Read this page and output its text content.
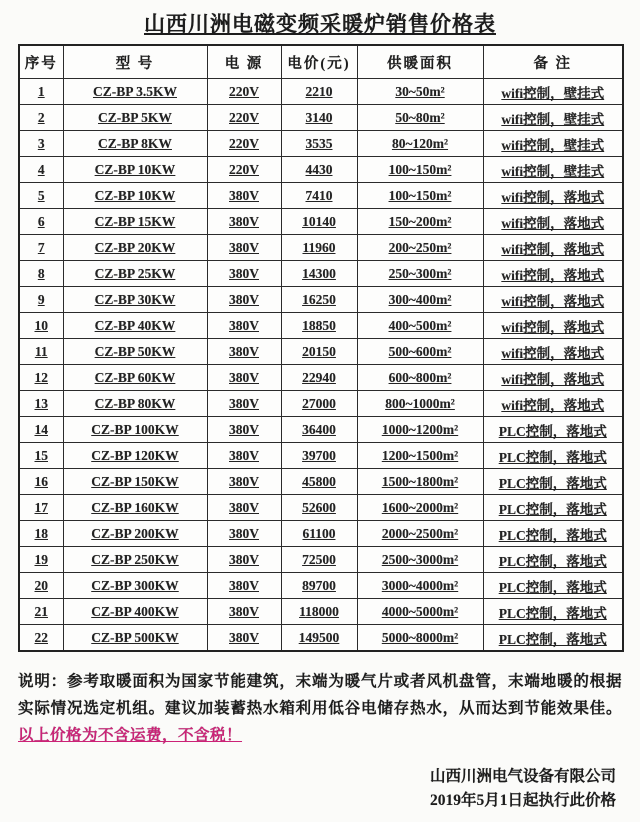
山西川洲电磁变频采暖炉销售价格表
序号	型 号	电 源	电价(元)	供暖面积	备 注
1	CZ-BP 3.5KW	220V	2210	30~50m²	wifi控制，壁挂式
2	CZ-BP 5KW	220V	3140	50~80m²	wifi控制，壁挂式
3	CZ-BP 8KW	220V	3535	80~120m²	wifi控制，壁挂式
4	CZ-BP 10KW	220V	4430	100~150m²	wifi控制，壁挂式
5	CZ-BP 10KW	380V	7410	100~150m²	wifi控制，落地式
6	CZ-BP 15KW	380V	10140	150~200m²	wifi控制，落地式
7	CZ-BP 20KW	380V	11960	200~250m²	wifi控制，落地式
8	CZ-BP 25KW	380V	14300	250~300m²	wifi控制，落地式
9	CZ-BP 30KW	380V	16250	300~400m²	wifi控制，落地式
10	CZ-BP 40KW	380V	18850	400~500m²	wifi控制，落地式
11	CZ-BP 50KW	380V	20150	500~600m²	wifi控制，落地式
12	CZ-BP 60KW	380V	22940	600~800m²	wifi控制，落地式
13	CZ-BP 80KW	380V	27000	800~1000m²	wifi控制，落地式
14	CZ-BP 100KW	380V	36400	1000~1200m²	PLC控制，落地式
15	CZ-BP 120KW	380V	39700	1200~1500m²	PLC控制，落地式
16	CZ-BP 150KW	380V	45800	1500~1800m²	PLC控制，落地式
17	CZ-BP 160KW	380V	52600	1600~2000m²	PLC控制，落地式
18	CZ-BP 200KW	380V	61100	2000~2500m²	PLC控制，落地式
19	CZ-BP 250KW	380V	72500	2500~3000m²	PLC控制，落地式
20	CZ-BP 300KW	380V	89700	3000~4000m²	PLC控制，落地式
21	CZ-BP 400KW	380V	118000	4000~5000m²	PLC控制，落地式
22	CZ-BP 500KW	380V	149500	5000~8000m²	PLC控制，落地式

说明：参考取暖面积为国家节能建筑，末端为暖气片或者风机盘管，末端地暖的根据实际情况选定机组。建议加装蓄热水箱利用低谷电储存热水，从而达到节能效果佳。以上价格为不含运费，不含税！

山西川洲电气设备有限公司
2019年5月1日起执行此价格
